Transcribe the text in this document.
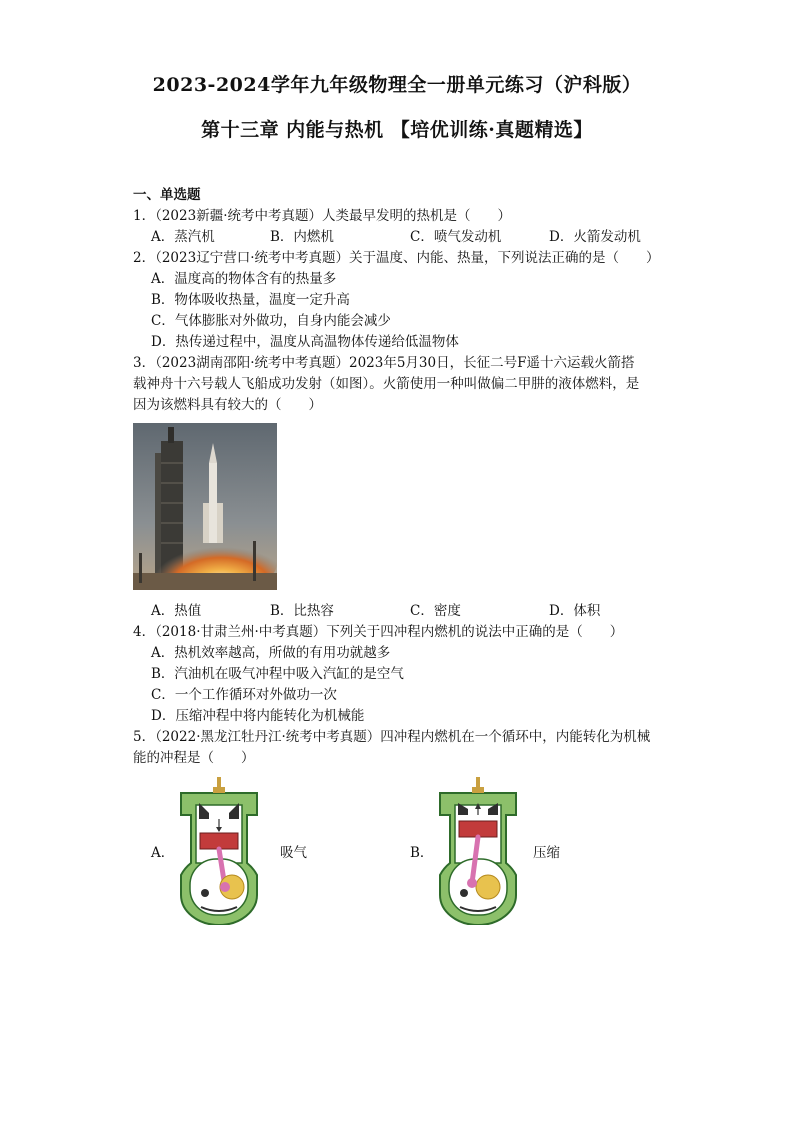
2023-2024学年九年级物理全一册单元练习（沪科版）
第十三章 内能与热机 【培优训练·真题精选】
一、单选题
1．（2023新疆·统考中考真题）人类最早发明的热机是（　　）
A．蒸汽机	B．内燃机	C．喷气发动机	D．火箭发动机
2．（2023辽宁营口·统考中考真题）关于温度、内能、热量，下列说法正确的是（　　）
A．温度高的物体含有的热量多
B．物体吸收热量，温度一定升高
C．气体膨胀对外做功，自身内能会减少
D．热传递过程中，温度从高温物体传递给低温物体
3．（2023湖南邵阳·统考中考真题）2023年5月30日，长征二号F遥十六运载火箭搭
载神舟十六号载人飞船成功发射（如图）。火箭使用一种叫做偏二甲肼的液体燃料，是
因为该燃料具有较大的（　　）
A．热值	B．比热容	C．密度	D．体积
4．（2018·甘肃兰州·中考真题）下列关于四冲程内燃机的说法中正确的是（　　）
A．热机效率越高，所做的有用功就越多
B．汽油机在吸气冲程中吸入汽缸的是空气
C．一个工作循环对外做功一次
D．压缩冲程中将内能转化为机械能
5．（2022·黑龙江牡丹江·统考中考真题）四冲程内燃机在一个循环中，内能转化为机械
能的冲程是（　　）
A．	吸气	B．	压缩
